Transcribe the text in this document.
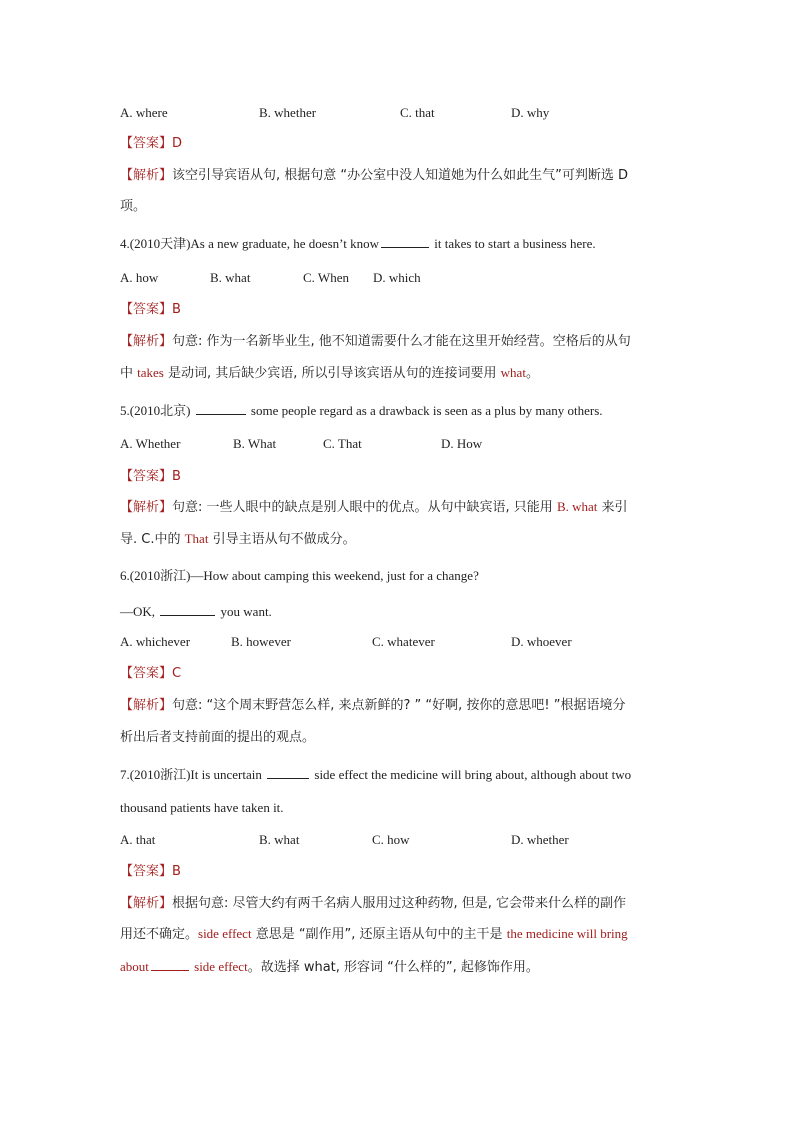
A. where	B. whether	C. that	D. why
【答案】D
【解析】该空引导宾语从句, 根据句意 “办公室中没人知道她为什么如此生气”可判断选 D
项。
4.(2010天津)As a new graduate, he doesn’t know	it takes to start a business here.
A. how	B. what	C. When D. which
【答案】B
【解析】句意: 作为一名新毕业生, 他不知道需要什么才能在这里开始经营。空格后的从句
中 takes 是动词, 其后缺少宾语, 所以引导该宾语从句的连接词要用 what。
5.(2010北京)	some people regard as a drawback is seen as a plus by many others.
A. Whether	B. What	C. That	D. How
【答案】B
【解析】句意: 一些人眼中的缺点是别人眼中的优点。从句中缺宾语, 只能用 B. what 来引
导. C.中的 That 引导主语从句不做成分。
6.(2010浙江)—How about camping this weekend, just for a change?
—OK,	you want.
A. whichever	B. however	C. whatever	D. whoever
【答案】C
【解析】句意: “这个周末野营怎么样, 来点新鲜的? ” “好啊, 按你的意思吧! ”根据语境分
析出后者支持前面的提出的观点。
7.(2010浙江)It is uncertain	side effect the medicine will bring about, although about two
thousand patients have taken it.
A. that	B. what	C. how	D. whether
【答案】B
【解析】根据句意: 尽管大约有两千名病人服用过这种药物, 但是, 它会带来什么样的副作
用还不确定。side effect 意思是 “副作用”, 还原主语从句中的主干是 the medicine will bring
about	side effect。故选择 what, 形容词 “什么样的”, 起修饰作用。
